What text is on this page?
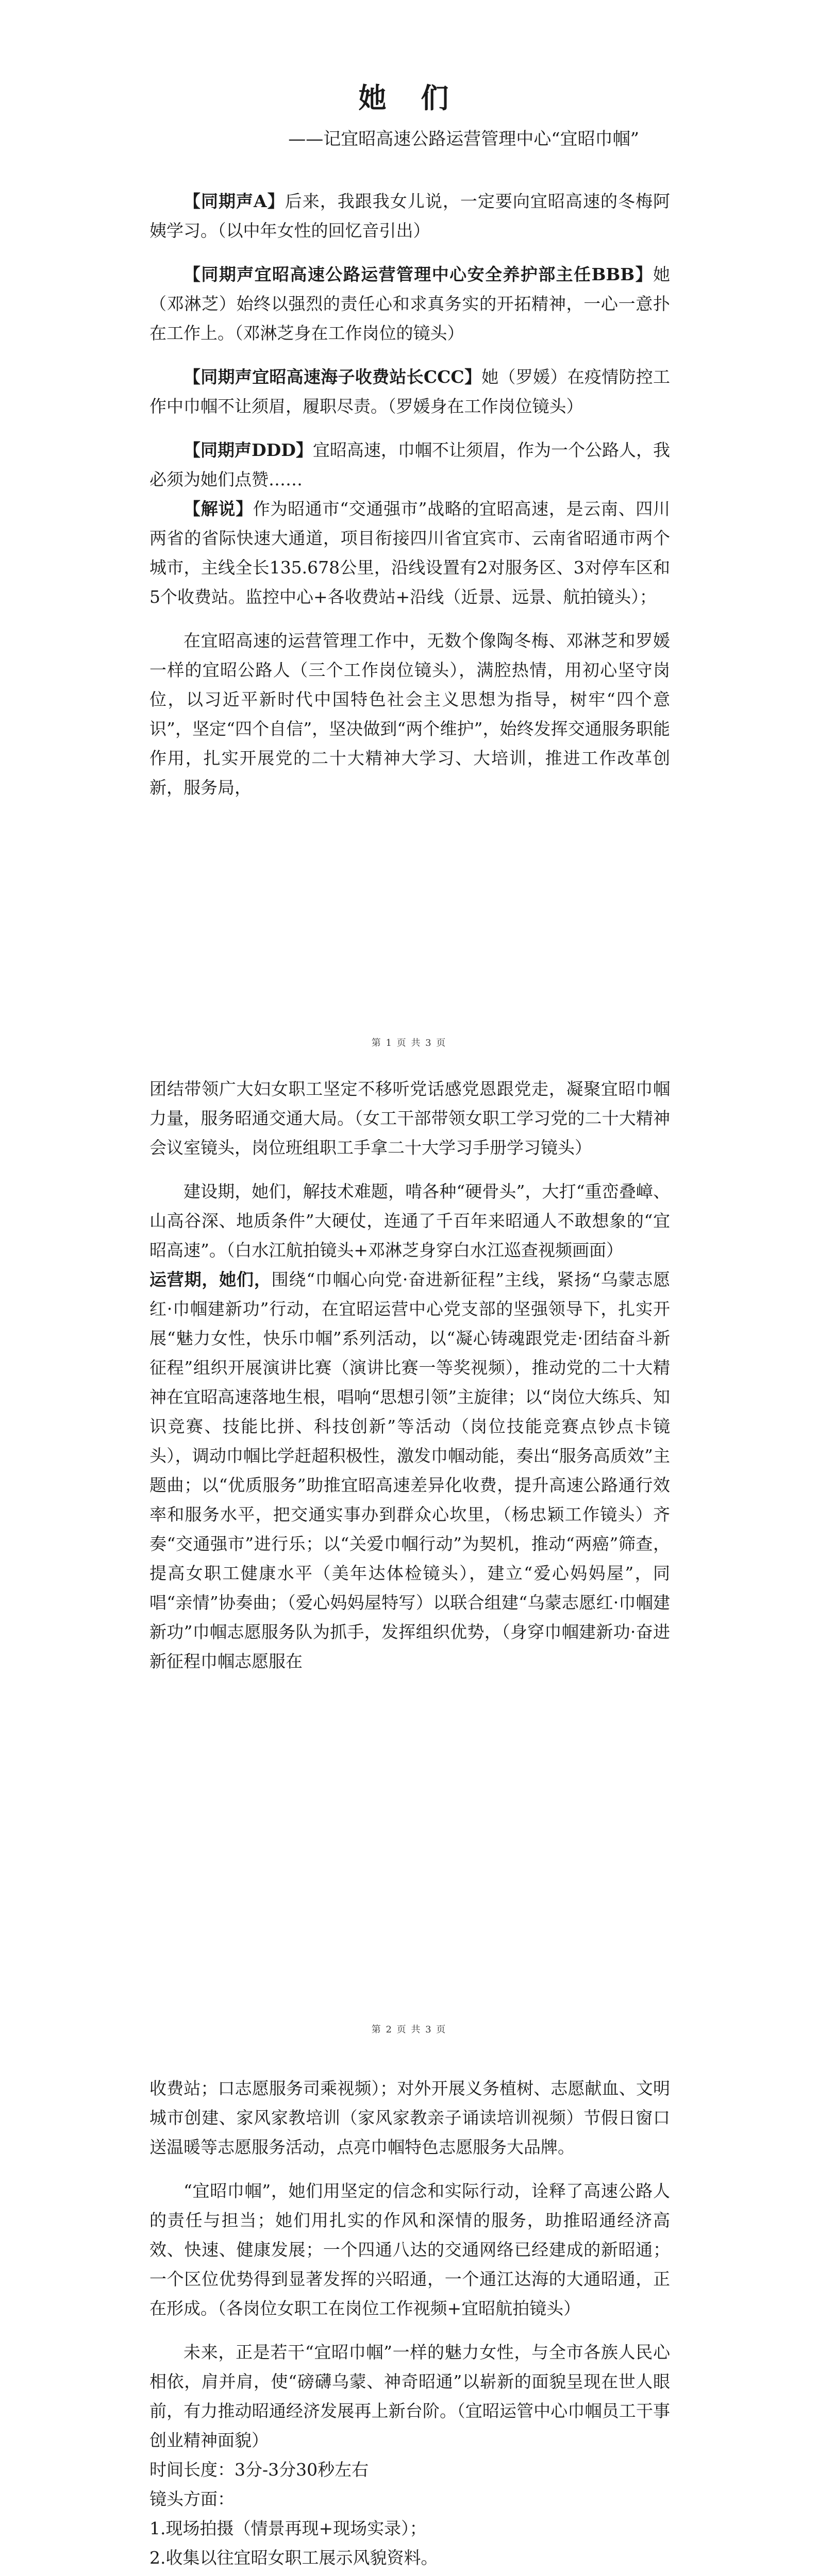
她 们
——记宜昭高速公路运营管理中心“宜昭巾帼”

【同期声A】后来，我跟我女儿说，一定要向宜昭高速的冬梅阿姨学习。（以中年女性的回忆音引出）

【同期声宜昭高速公路运营管理中心安全养护部主任BBB】她（邓淋芝）始终以强烈的责任心和求真务实的开拓精神，一心一意扑在工作上。（邓淋芝身在工作岗位的镜头）

【同期声宜昭高速海子收费站长CCC】她（罗媛）在疫情防控工作中巾帼不让须眉，履职尽责。（罗媛身在工作岗位镜头）

【同期声DDD】宜昭高速，巾帼不让须眉，作为一个公路人，我必须为她们点赞……

【解说】作为昭通市“交通强市”战略的宜昭高速，是云南、四川两省的省际快速大通道，项目衔接四川省宜宾市、云南省昭通市两个城市，主线全长135.678公里，沿线设置有2对服务区、3对停车区和5个收费站。监控中心+各收费站+沿线（近景、远景、航拍镜头）；

在宜昭高速的运营管理工作中，无数个像陶冬梅、邓淋芝和罗媛一样的宜昭公路人（三个工作岗位镜头），满腔热情，用初心坚守岗位，以习近平新时代中国特色社会主义思想为指导，树牢“四个意识”，坚定“四个自信”，坚决做到“两个维护”，始终发挥交通服务职能作用，扎实开展党的二十大精神大学习、大培训，推进工作改革创新，服务局，

第 1 页 共 3 页

团结带领广大妇女职工坚定不移听党话感党恩跟党走，凝聚宜昭巾帼力量，服务昭通交通大局。（女工干部带领女职工学习党的二十大精神会议室镜头，岗位班组职工手拿二十大学习手册学习镜头）

建设期，她们，解技术难题，啃各种“硬骨头”，大打“重峦叠嶂、山高谷深、地质条件”大硬仗，连通了千百年来昭通人不敢想象的“宜昭高速”。（白水江航拍镜头+邓淋芝身穿白水江巡查视频画面）

运营期，她们，围绕“巾帼心向党·奋进新征程”主线，紧扬“乌蒙志愿红·巾帼建新功”行动，在宜昭运营中心党支部的坚强领导下，扎实开展“魅力女性，快乐巾帼”系列活动，以“凝心铸魂跟党走·团结奋斗新征程”组织开展演讲比赛（演讲比赛一等奖视频），推动党的二十大精神在宜昭高速落地生根，唱响“思想引领”主旋律；以“岗位大练兵、知识竞赛、技能比拼、科技创新”等活动（岗位技能竞赛点钞点卡镜头），调动巾帼比学赶超积极性，激发巾帼动能，奏出“服务高质效”主题曲；以“优质服务”助推宜昭高速差异化收费，提升高速公路通行效率和服务水平，把交通实事办到群众心坎里，（杨忠颖工作镜头）齐奏“交通强市”进行乐；以“关爱巾帼行动”为契机，推动“两癌”筛查，提高女职工健康水平（美年达体检镜头），建立“爱心妈妈屋”，同唱“亲情”协奏曲；（爱心妈妈屋特写）以联合组建“乌蒙志愿红·巾帼建新功”巾帼志愿服务队为抓手，发挥组织优势，（身穿巾帼建新功·奋进新征程巾帼志愿服在

第 2 页 共 3 页

收费站；口志愿服务司乘视频）；对外开展义务植树、志愿献血、文明城市创建、家风家教培训（家风家教亲子诵读培训视频）节假日窗口送温暖等志愿服务活动，点亮巾帼特色志愿服务大品牌。

“宜昭巾帼”，她们用坚定的信念和实际行动，诠释了高速公路人的责任与担当；她们用扎实的作风和深情的服务，助推昭通经济高效、快速、健康发展；一个四通八达的交通网络已经建成的新昭通；一个区位优势得到显著发挥的兴昭通，一个通江达海的大通昭通，正在形成。（各岗位女职工在岗位工作视频+宜昭航拍镜头）

未来，正是若干“宜昭巾帼”一样的魅力女性，与全市各族人民心相依，肩并肩，使“磅礴乌蒙、神奇昭通”以崭新的面貌呈现在世人眼前，有力推动昭通经济发展再上新台阶。（宜昭运管中心巾帼员工干事创业精神面貌）

时间长度：3分-3分30秒左右

镜头方面：

1.现场拍摄（情景再现+现场实录）；

2.收集以往宜昭女职工展示风貌资料。
